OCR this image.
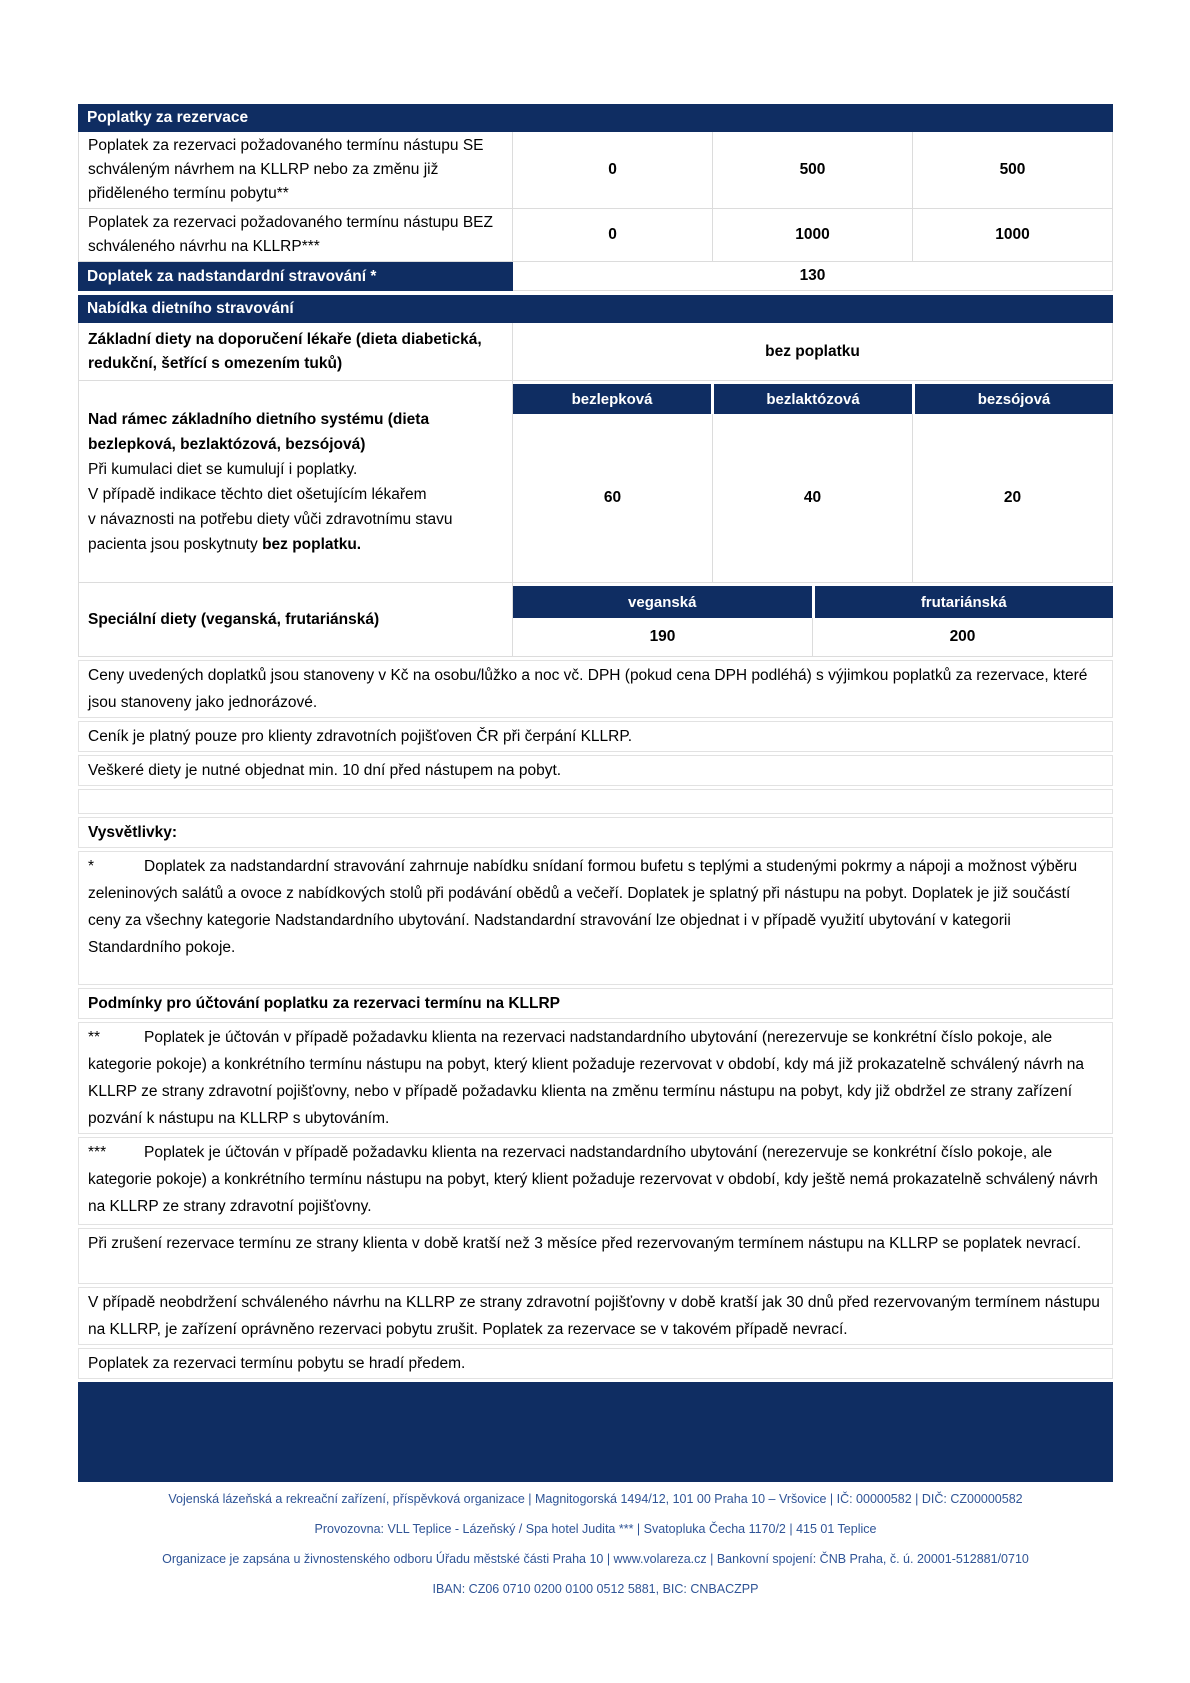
Poplatky za rezervace
Poplatek za rezervaci požadovaného termínu nástupu SE schváleným návrhem na KLLRP nebo za změnu již přiděleného termínu pobytu**
0	500	500
Poplatek za rezervaci požadovaného termínu nástupu BEZ schváleného návrhu na KLLRP***
0	1000	1000
Doplatek za nadstandardní stravování *	130
Nabídka dietního stravování
Základní diety na doporučení lékaře (dieta diabetická, redukční, šetřící s omezením tuků)
bez poplatku
Nad rámec základního dietního systému (dieta bezlepková, bezlaktózová, bezsójová)
Při kumulaci diet se kumulují i poplatky.
V případě indikace těchto diet ošetujícím lékařem
v návaznosti na potřebu diety vůči zdravotnímu stavu
pacienta jsou poskytnuty bez poplatku.
bezlepková	bezlaktózová	bezsójová
60	40	20
Speciální diety (veganská, frutariánská)
veganská	frutariánská
190	200
Ceny uvedených doplatků jsou stanoveny v Kč na osobu/lůžko a noc vč. DPH (pokud cena DPH podléhá) s výjimkou poplatků za rezervace, které jsou stanoveny jako jednorázové.
Ceník je platný pouze pro klienty zdravotních pojišťoven ČR při čerpání KLLRP.
Veškeré diety je nutné objednat min. 10 dní před nástupem na pobyt.
Vysvětlivky:
*	Doplatek za nadstandardní stravování zahrnuje nabídku snídaní formou bufetu s teplými a studenými pokrmy a nápoji a možnost výběru zeleninových salátů a ovoce z nabídkových stolů při podávání obědů a večeří. Doplatek je splatný při nástupu na pobyt. Doplatek je již součástí ceny za všechny kategorie Nadstandardního ubytování. Nadstandardní stravování lze objednat i v případě využití ubytování v kategorii Standardního pokoje.
Podmínky pro účtování poplatku za rezervaci termínu na KLLRP
**	Poplatek je účtován v případě požadavku klienta na rezervaci nadstandardního ubytování (nerezervuje se konkrétní číslo pokoje, ale kategorie pokoje) a konkrétního termínu nástupu na pobyt, který klient požaduje rezervovat v období, kdy má již prokazatelně schválený návrh na KLLRP ze strany zdravotní pojišťovny, nebo v případě požadavku klienta na změnu termínu nástupu na pobyt, kdy již obdržel ze strany zařízení pozvání k nástupu na KLLRP s ubytováním.
*** Poplatek je účtován v případě požadavku klienta na rezervaci nadstandardního ubytování (nerezervuje se konkrétní číslo pokoje, ale kategorie pokoje) a konkrétního termínu nástupu na pobyt, který klient požaduje rezervovat v období, kdy ještě nemá prokazatelně schválený návrh na KLLRP ze strany zdravotní pojišťovny.
Při zrušení rezervace termínu ze strany klienta v době kratší než 3 měsíce před rezervovaným termínem nástupu na KLLRP se poplatek nevrací.
V případě neobdržení schváleného návrhu na KLLRP ze strany zdravotní pojišťovny v době kratší jak 30 dnů před rezervovaným termínem nástupu na KLLRP, je zařízení oprávněno rezervaci pobytu zrušit. Poplatek za rezervace se v takovém případě nevrací.
Poplatek za rezervaci termínu pobytu se hradí předem.
Vojenská lázeňská a rekreační zařízení, příspěvková organizace | Magnitogorská 1494/12, 101 00 Praha 10 – Vršovice | IČ: 00000582 | DIČ: CZ00000582
Provozovna: VLL Teplice - Lázeňský / Spa hotel Judita *** | Svatopluka Čecha 1170/2 | 415 01 Teplice
Organizace je zapsána u živnostenského odboru Úřadu městské části Praha 10 | www.volareza.cz | Bankovní spojení: ČNB Praha, č. ú. 20001-512881/0710
IBAN: CZ06 0710 0200 0100 0512 5881, BIC: CNBACZPP
